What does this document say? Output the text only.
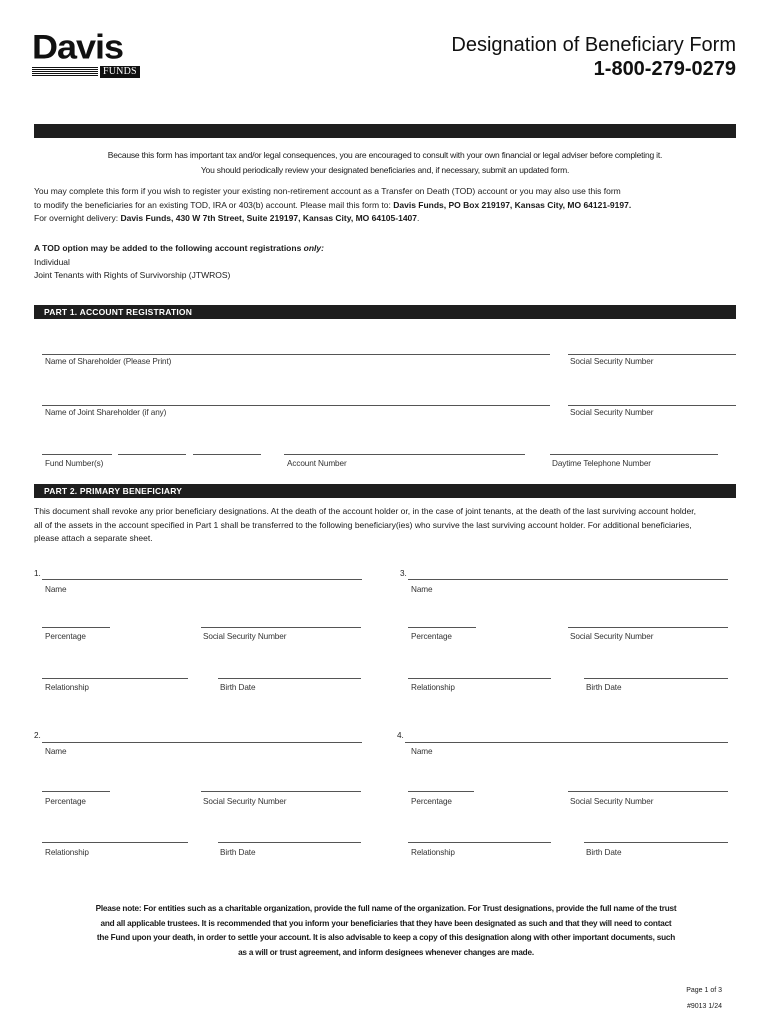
Davis
FUNDS
Designation of Beneficiary Form
1-800-279-0279
Because this form has important tax and/or legal consequences, you are encouraged to consult with your own financial or legal adviser before completing it.
You should periodically review your designated beneficiaries and, if necessary, submit an updated form.
You may complete this form if you wish to register your existing non-retirement account as a Transfer on Death (TOD) account or you may also use this form
to modify the beneficiaries for an existing TOD, IRA or 403(b) account. Please mail this form to: Davis Funds, PO Box 219197, Kansas City, MO 64121-9197.
For overnight delivery: Davis Funds, 430 W 7th Street, Suite 219197, Kansas City, MO 64105-1407.
A TOD option may be added to the following account registrations only:
Individual
Joint Tenants with Rights of Survivorship (JTWROS)
PART 1. ACCOUNT REGISTRATION
Name of Shareholder (Please Print)	Social Security Number
Name of Joint Shareholder (if any)	Social Security Number
Fund Number(s)	Account Number	Daytime Telephone Number
PART 2. PRIMARY BENEFICIARY
This document shall revoke any prior beneficiary designations. At the death of the account holder or, in the case of joint tenants, at the death of the last surviving account holder,
all of the assets in the account specified in Part 1 shall be transferred to the following beneficiary(ies) who survive the last surviving account holder. For additional beneficiaries,
please attach a separate sheet.
1.
Name
Percentage	Social Security Number
Relationship	Birth Date
3.
Name
Percentage	Social Security Number
Relationship	Birth Date
2.
Name
Percentage	Social Security Number
Relationship	Birth Date
4.
Name
Percentage	Social Security Number
Relationship	Birth Date
Please note: For entities such as a charitable organization, provide the full name of the organization. For Trust designations, provide the full name of the trust
and all applicable trustees. It is recommended that you inform your beneficiaries that they have been designated as such and that they will need to contact
the Fund upon your death, in order to settle your account. It is also advisable to keep a copy of this designation along with other important documents, such
as a will or trust agreement, and inform designees whenever changes are made.
Page 1 of 3
#9013 1/24
